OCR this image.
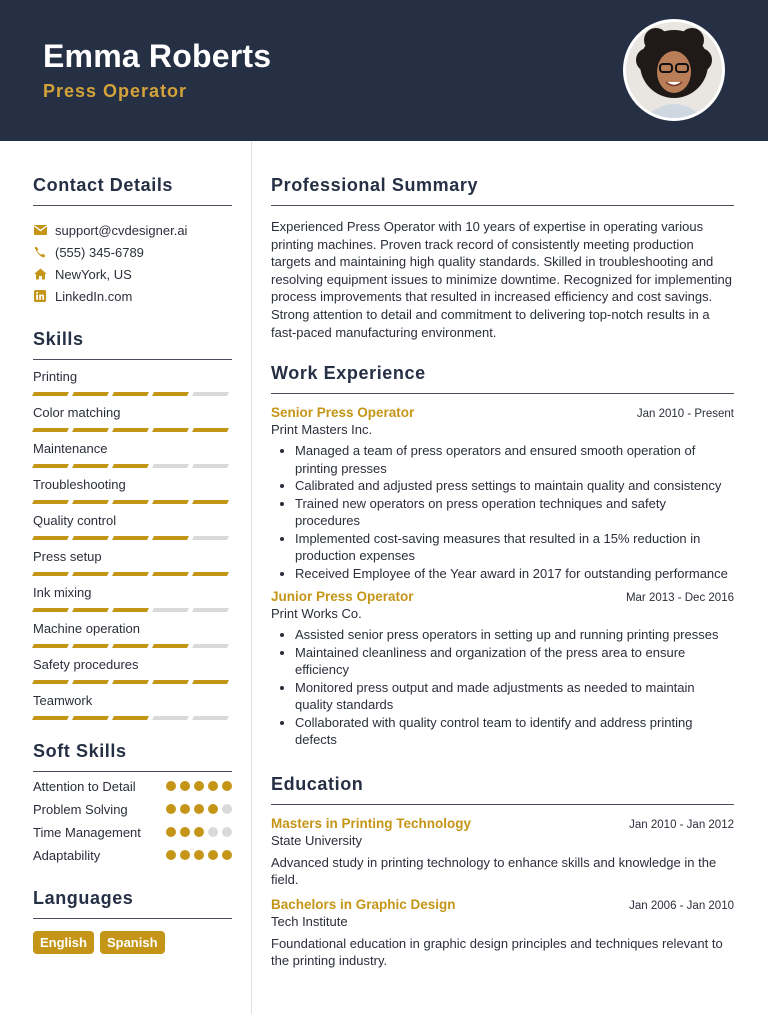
Emma Roberts
Press Operator
Contact Details
support@cvdesigner.ai
(555) 345-6789
NewYork, US
LinkedIn.com
Skills
Printing
Color matching
Maintenance
Troubleshooting
Quality control
Press setup
Ink mixing
Machine operation
Safety procedures
Teamwork
Soft Skills
Attention to Detail
Problem Solving
Time Management
Adaptability
Languages
English	Spanish
Professional Summary
Experienced Press Operator with 10 years of expertise in operating various printing machines. Proven track record of consistently meeting production targets and maintaining high quality standards. Skilled in troubleshooting and resolving equipment issues to minimize downtime. Recognized for implementing process improvements that resulted in increased efficiency and cost savings. Strong attention to detail and commitment to delivering top-notch results in a fast-paced manufacturing environment.
Work Experience
Senior Press Operator	Jan 2010 - Present
Print Masters Inc.
• Managed a team of press operators and ensured smooth operation of printing presses
• Calibrated and adjusted press settings to maintain quality and consistency
• Trained new operators on press operation techniques and safety procedures
• Implemented cost-saving measures that resulted in a 15% reduction in production expenses
• Received Employee of the Year award in 2017 for outstanding performance
Junior Press Operator	Mar 2013 - Dec 2016
Print Works Co.
• Assisted senior press operators in setting up and running printing presses
• Maintained cleanliness and organization of the press area to ensure efficiency
• Monitored press output and made adjustments as needed to maintain quality standards
• Collaborated with quality control team to identify and address printing defects
Education
Masters in Printing Technology	Jan 2010 - Jan 2012
State University
Advanced study in printing technology to enhance skills and knowledge in the field.
Bachelors in Graphic Design	Jan 2006 - Jan 2010
Tech Institute
Foundational education in graphic design principles and techniques relevant to the printing industry.
